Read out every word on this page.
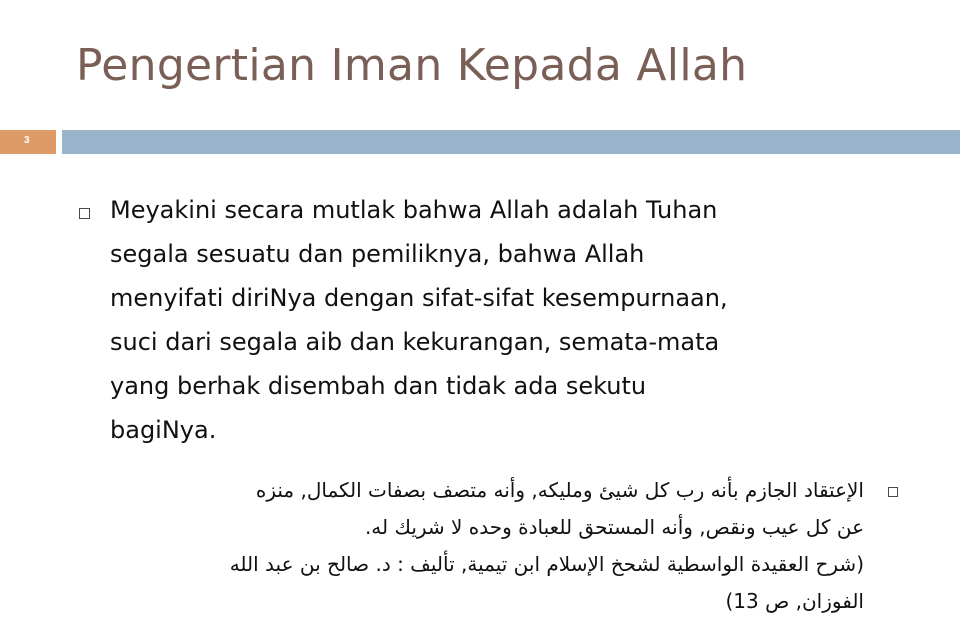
Pengertian Iman Kepada Allah
3
Meyakini secara mutlak bahwa Allah adalah Tuhan
segala sesuatu dan pemiliknya, bahwa Allah
menyifati diriNya dengan sifat-sifat kesempurnaan,
suci dari segala aib dan kekurangan, semata-mata
yang berhak disembah dan tidak ada sekutu
bagiNya.
الإعتقاد الجازم بأنه رب كل شيئ ومليكه, وأنه متصف بصفات الكمال, منزه
عن كل عيب ونقص, وأنه المستحق للعبادة وحده لا شريك له.
(شرح العقيدة الواسطية لشحخ الإسلام ابن تيمية, تأليف : د. صالح بن عبد الله
الفوزان, ص 13)
